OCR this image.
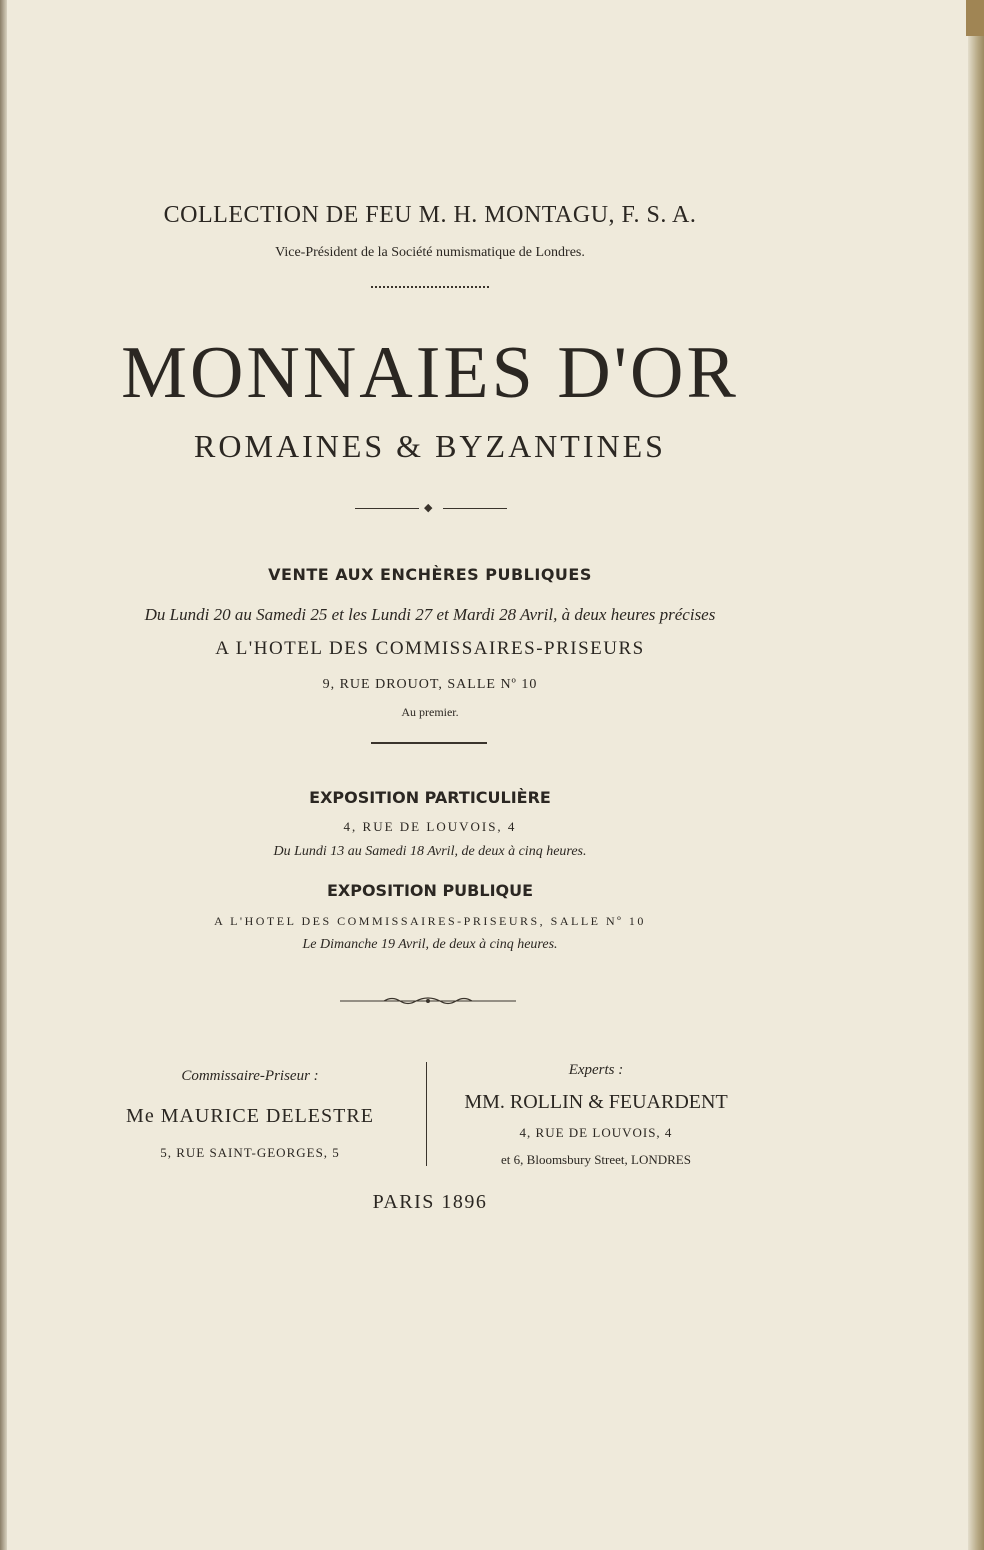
COLLECTION DE FEU M. H. MONTAGU, F. S. A.
Vice-Président de la Société numismatique de Londres.
MONNAIES D'OR
ROMAINES & BYZANTINES
◆
VENTE AUX ENCHÈRES PUBLIQUES
Du Lundi 20 au Samedi 25 et les Lundi 27 et Mardi 28 Avril, à deux heures précises
A L'HOTEL DES COMMISSAIRES-PRISEURS
9, RUE DROUOT, SALLE Nº 10
Au premier.
EXPOSITION PARTICULIÈRE
4, RUE DE LOUVOIS, 4
Du Lundi 13 au Samedi 18 Avril, de deux à cinq heures.
EXPOSITION PUBLIQUE
A L'HOTEL DES COMMISSAIRES-PRISEURS, SALLE Nº 10
Le Dimanche 19 Avril, de deux à cinq heures.
Commissaire-Priseur :
Me MAURICE DELESTRE
5, RUE SAINT-GEORGES, 5
Experts :
MM. ROLLIN & FEUARDENT
4, RUE DE LOUVOIS, 4
et 6, Bloomsbury Street, LONDRES
PARIS 1896
